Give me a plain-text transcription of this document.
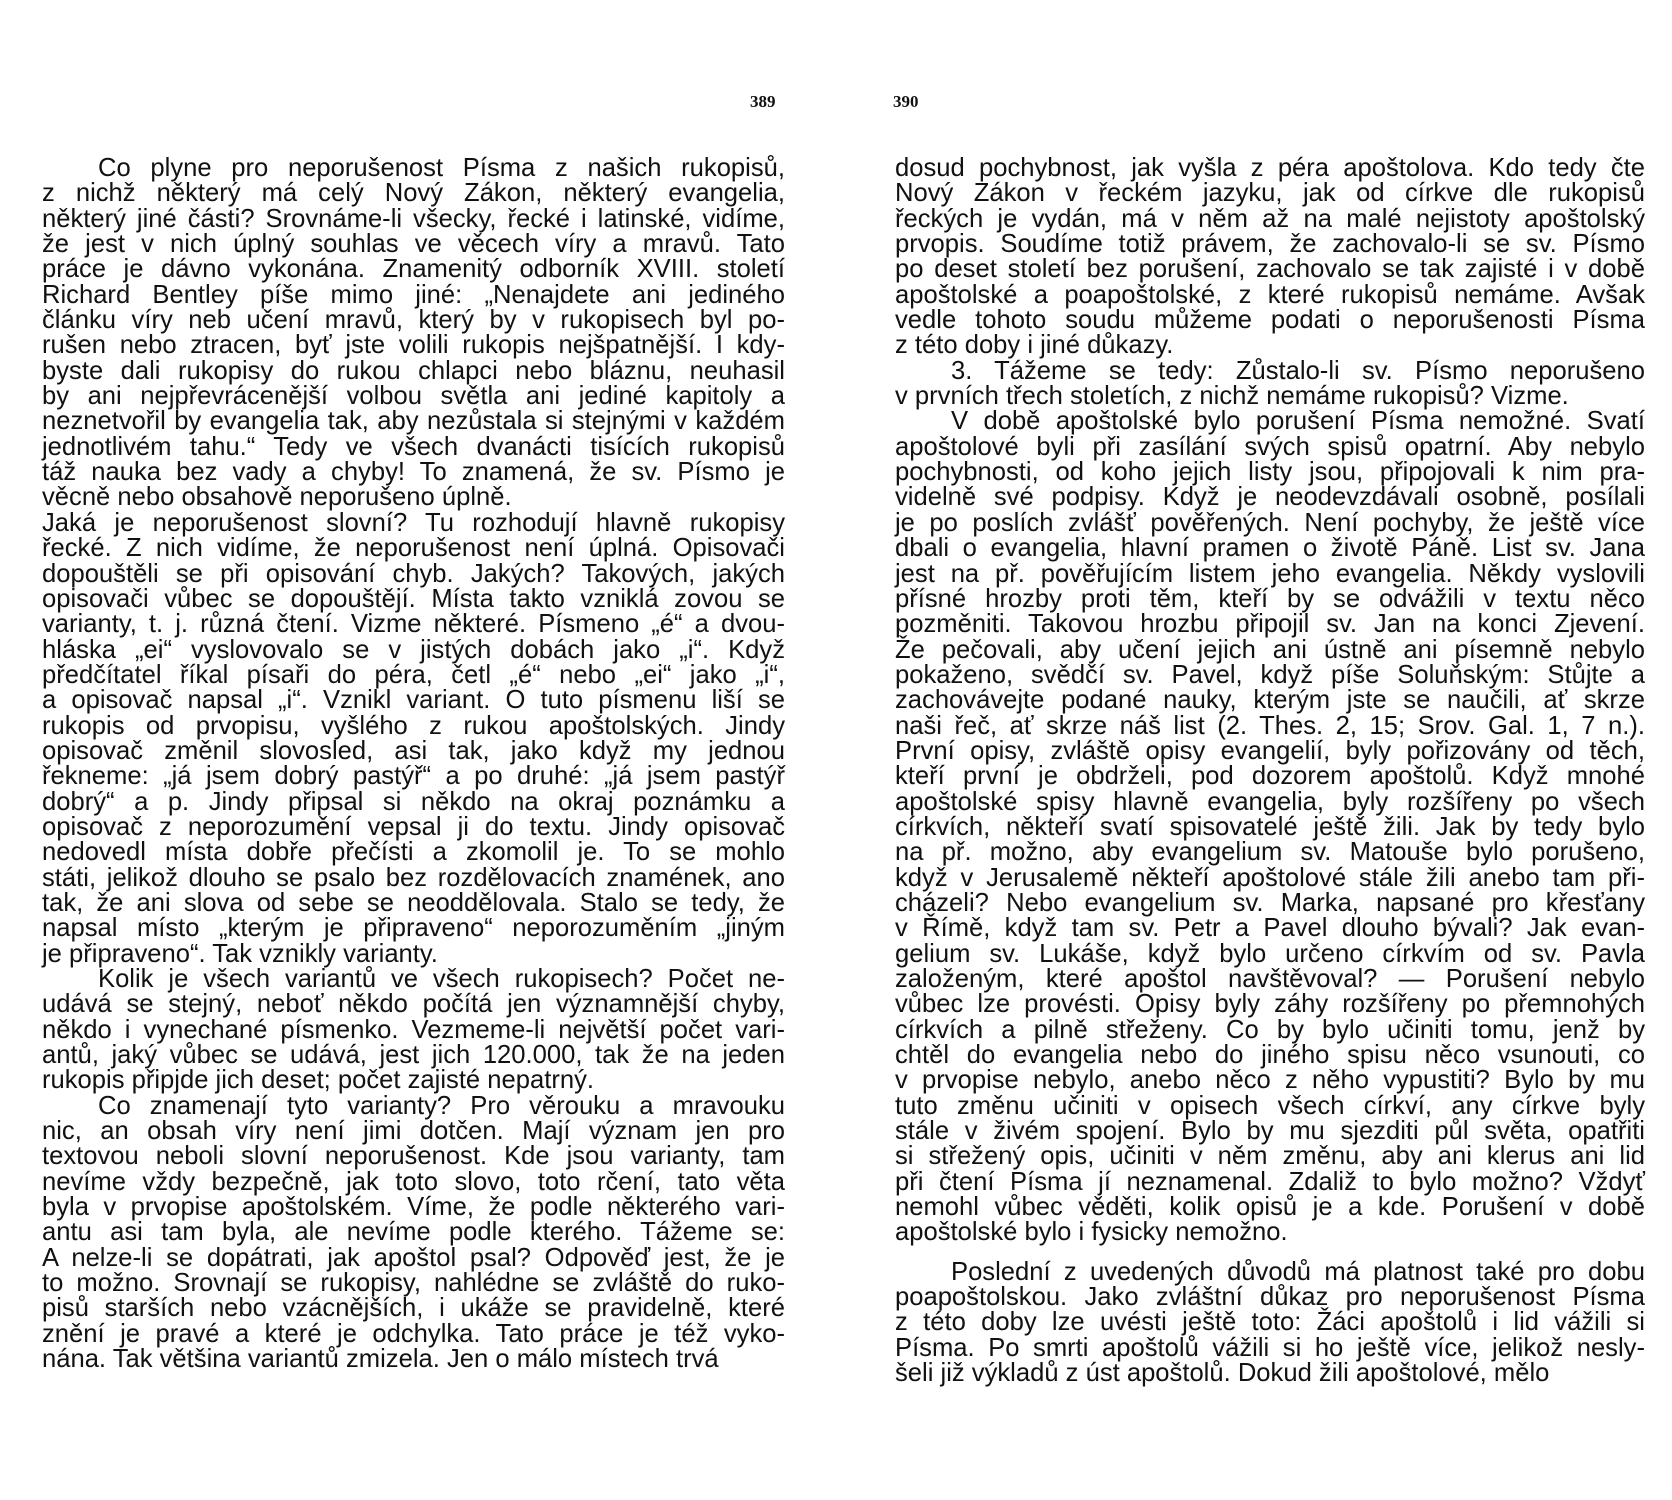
389
Co plyne pro neporušenost Písma z našich rukopisů,
z nichž některý má celý Nový Zákon, některý evangelia,
některý jiné části? Srovnáme-li všecky, řecké i latinské, vidíme,
že jest v nich úplný souhlas ve věcech víry a mravů. Tato
práce je dávno vykonána. Znamenitý odborník XVIII. století
Richard Bentley píše mimo jiné: „Nenajdete ani jediného
článku víry neb učení mravů, který by v rukopisech byl po-
rušen nebo ztracen, byť jste volili rukopis nejšpatnější. I kdy-
byste dali rukopisy do rukou chlapci nebo bláznu, neuhasil
by ani nejpřevrácenější volbou světla ani jediné kapitoly a
neznetvořil by evangelia tak, aby nezůstala si stejnými v každém
jednotlivém tahu.“ Tedy ve všech dvanácti tisících rukopisů
táž nauka bez vady a chyby! To znamená, že sv. Písmo je
věcně nebo obsahově neporušeno úplně.
Jaká je neporušenost slovní? Tu rozhodují hlavně rukopisy
řecké. Z nich vidíme, že neporušenost není úplná. Opisovači
dopouštěli se při opisování chyb. Jakých? Takových, jakých
opisovači vůbec se dopouštějí. Místa takto vzniklá zovou se
varianty, t. j. různá čtení. Vizme některé. Písmeno „é“ a dvou-
hláska „ei“ vyslovovalo se v jistých dobách jako „i“. Když
předčítatel říkal písaři do péra, četl „é“ nebo „ei“ jako „i“,
a opisovač napsal „i“. Vznikl variant. O tuto písmenu liší se
rukopis od prvopisu, vyšlého z rukou apoštolských. Jindy
opisovač změnil slovosled, asi tak, jako když my jednou
řekneme: „já jsem dobrý pastýř“ a po druhé: „já jsem pastýř
dobrý“ a p. Jindy připsal si někdo na okraj poznámku a
opisovač z neporozumění vepsal ji do textu. Jindy opisovač
nedovedl místa dobře přečísti a zkomolil je. To se mohlo
státi, jelikož dlouho se psalo bez rozdělovacích znamének, ano
tak, že ani slova od sebe se neoddělovala. Stalo se tedy, že
napsal místo „kterým je připraveno“ neporozuměním „jiným
je připraveno“. Tak vznikly varianty.
Kolik je všech variantů ve všech rukopisech? Počet ne-
udává se stejný, neboť někdo počítá jen významnější chyby,
někdo i vynechané písmenko. Vezmeme-li největší počet vari-
antů, jaký vůbec se udává, jest jich 120.000, tak že na jeden
rukopis připjde jich deset; počet zajisté nepatrný.
Co znamenají tyto varianty? Pro věrouku a mravouku
nic, an obsah víry není jimi dotčen. Mají význam jen pro
textovou neboli slovní neporušenost. Kde jsou varianty, tam
nevíme vždy bezpečně, jak toto slovo, toto rčení, tato věta
byla v prvopise apoštolském. Víme, že podle některého vari-
antu asi tam byla, ale nevíme podle kterého. Tážeme se:
A nelze-li se dopátrati, jak apoštol psal? Odpověď jest, že je
to možno. Srovnají se rukopisy, nahlédne se zvláště do ruko-
pisů starších nebo vzácnějších, i ukáže se pravidelně, které
znění je pravé a které je odchylka. Tato práce je též vyko-
nána. Tak většina variantů zmizela. Jen o málo místech trvá
390
dosud pochybnost, jak vyšla z péra apoštolova. Kdo tedy čte
Nový Zákon v řeckém jazyku, jak od církve dle rukopisů
řeckých je vydán, má v něm až na malé nejistoty apoštolský
prvopis. Soudíme totiž právem, že zachovalo-li se sv. Písmo
po deset století bez porušení, zachovalo se tak zajisté i v době
apoštolské a poapoštolské, z které rukopisů nemáme. Avšak
vedle tohoto soudu můžeme podati o neporušenosti Písma
z této doby i jiné důkazy.
3. Tážeme se tedy: Zůstalo-li sv. Písmo neporušeno
v prvních třech stoletích, z nichž nemáme rukopisů? Vizme.
V době apoštolské bylo porušení Písma nemožné. Svatí
apoštolové byli při zasílání svých spisů opatrní. Aby nebylo
pochybnosti, od koho jejich listy jsou, připojovali k nim pra-
videlně své podpisy. Když je neodevzdávali osobně, posílali
je po poslích zvlášť pověřených. Není pochyby, že ještě více
dbali o evangelia, hlavní pramen o životě Páně. List sv. Jana
jest na př. pověřujícím listem jeho evangelia. Někdy vyslovili
přísné hrozby proti těm, kteří by se odvážili v textu něco
pozměniti. Takovou hrozbu připojil sv. Jan na konci Zjevení.
Že pečovali, aby učení jejich ani ústně ani písemně nebylo
pokaženo, svědčí sv. Pavel, když píše Soluňským: Stůjte a
zachovávejte podané nauky, kterým jste se naučili, ať skrze
naši řeč, ať skrze náš list (2. Thes. 2, 15; Srov. Gal. 1, 7 n.).
První opisy, zvláště opisy evangelií, byly pořizovány od těch,
kteří první je obdrželi, pod dozorem apoštolů. Když mnohé
apoštolské spisy hlavně evangelia, byly rozšířeny po všech
církvích, někteří svatí spisovatelé ještě žili. Jak by tedy bylo
na př. možno, aby evangelium sv. Matouše bylo porušeno,
když v Jerusalemě někteří apoštolové stále žili anebo tam při-
cházeli? Nebo evangelium sv. Marka, napsané pro křesťany
v Římě, když tam sv. Petr a Pavel dlouho bývali? Jak evan-
gelium sv. Lukáše, když bylo určeno církvím od sv. Pavla
založeným, které apoštol navštěvoval? — Porušení nebylo
vůbec lze provésti. Opisy byly záhy rozšířeny po přemnohých
církvích a pilně střeženy. Co by bylo učiniti tomu, jenž by
chtěl do evangelia nebo do jiného spisu něco vsunouti, co
v prvopise nebylo, anebo něco z něho vypustiti? Bylo by mu
tuto změnu učiniti v opisech všech církví, any církve byly
stále v živém spojení. Bylo by mu sjezditi půl světa, opatřiti
si střežený opis, učiniti v něm změnu, aby ani klerus ani lid
při čtení Písma jí neznamenal. Zdaliž to bylo možno? Vždyť
nemohl vůbec věděti, kolik opisů je a kde. Porušení v době
apoštolské bylo i fysicky nemožno.
Poslední z uvedených důvodů má platnost také pro dobu
poapoštolskou. Jako zvláštní důkaz pro neporušenost Písma
z této doby lze uvésti ještě toto: Žáci apoštolů i lid vážili si
Písma. Po smrti apoštolů vážili si ho ještě více, jelikož nesly-
šeli již výkladů z úst apoštolů. Dokud žili apoštolové, mělo
